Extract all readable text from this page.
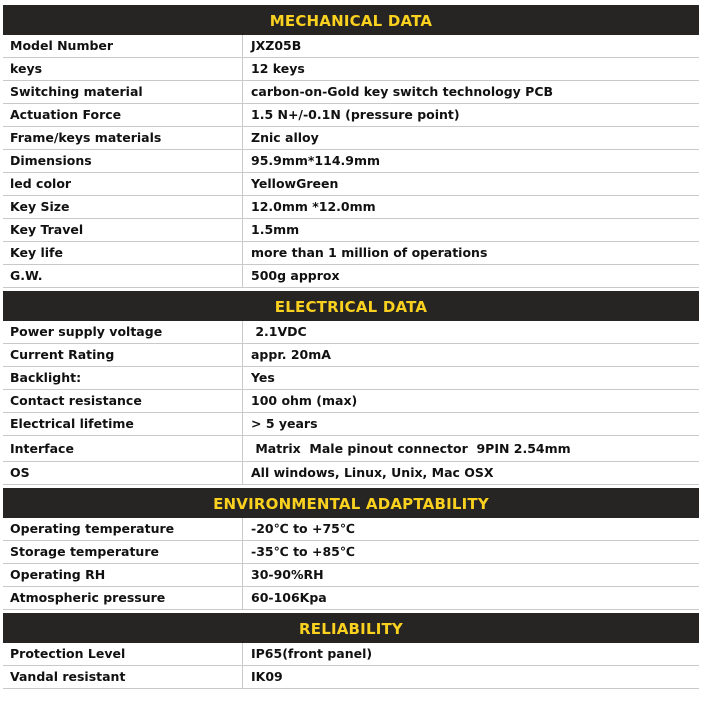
MECHANICAL DATA
Model Number	JXZ05B
keys	12 keys
Switching material	carbon-on-Gold key switch technology PCB
Actuation Force	1.5 N+/-0.1N (pressure point)
Frame/keys materials	Znic alloy
Dimensions	95.9mm*114.9mm
led color	YellowGreen
Key Size	12.0mm *12.0mm
Key Travel	1.5mm
Key life	more than 1 million of operations
G.W.	500g approx
ELECTRICAL DATA
Power supply voltage	2.1VDC
Current Rating	appr. 20mA
Backlight:	Yes
Contact resistance	100 ohm (max)
Electrical lifetime	> 5 years
Interface	Matrix  Male pinout connector  9PIN 2.54mm
OS	All windows, Linux, Unix, Mac OSX
ENVIRONMENTAL ADAPTABILITY
Operating temperature	-20℃ to +75℃
Storage temperature	-35℃ to +85℃
Operating RH	30-90%RH
Atmospheric pressure	60-106Kpa
RELIABILITY
Protection Level	IP65(front panel)
Vandal resistant	IK09
